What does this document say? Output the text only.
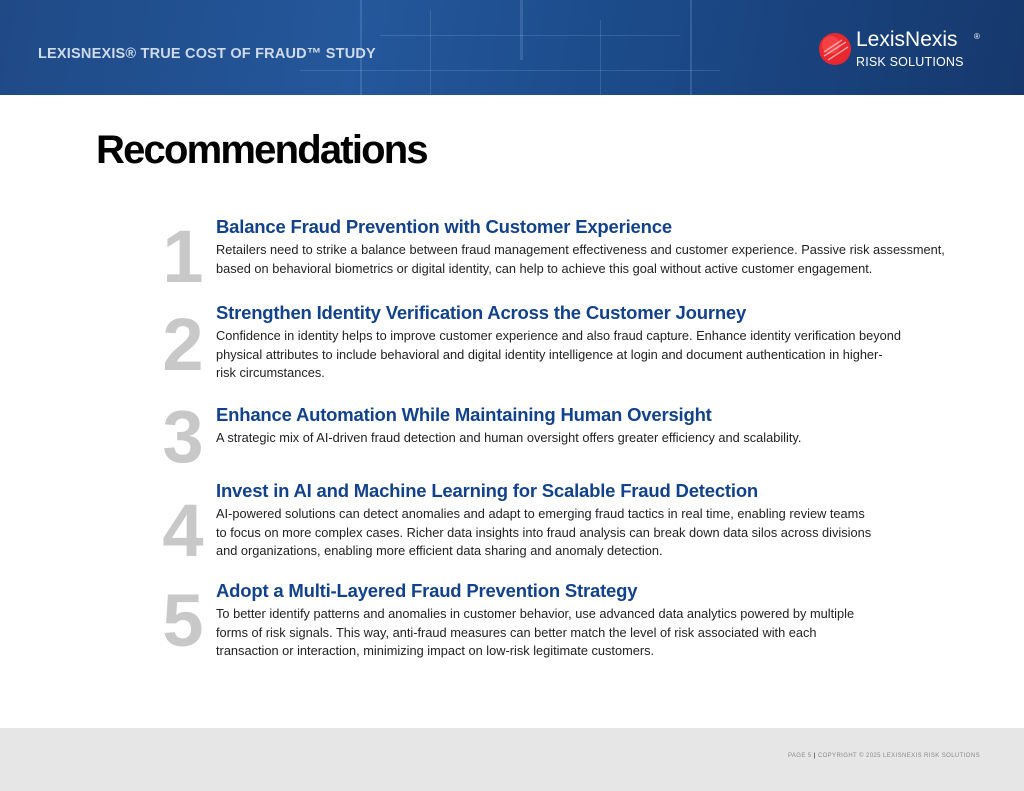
LEXISNEXIS® TRUE COST OF FRAUD™ STUDY
LexisNexis ®
RISK SOLUTIONS
Recommendations
1 Balance Fraud Prevention with Customer Experience

Retailers need to strike a balance between fraud management effectiveness and customer experience. Passive risk assessment,
based on behavioral biometrics or digital identity, can help to achieve this goal without active customer engagement.

2 Strengthen Identity Verification Across the Customer Journey

Confidence in identity helps to improve customer experience and also fraud capture. Enhance identity verification beyond
physical attributes to include behavioral and digital identity intelligence at login and document authentication in higher-
risk circumstances.

3 Enhance Automation While Maintaining Human Oversight

A strategic mix of AI-driven fraud detection and human oversight offers greater efficiency and scalability.

4 Invest in AI and Machine Learning for Scalable Fraud Detection

AI-powered solutions can detect anomalies and adapt to emerging fraud tactics in real time, enabling review teams
to focus on more complex cases. Richer data insights into fraud analysis can break down data silos across divisions
and organizations, enabling more efficient data sharing and anomaly detection.

5 Adopt a Multi-Layered Fraud Prevention Strategy

To better identify patterns and anomalies in customer behavior, use advanced data analytics powered by multiple
forms of risk signals. This way, anti-fraud measures can better match the level of risk associated with each
transaction or interaction, minimizing impact on low-risk legitimate customers.

PAGE 5 | COPYRIGHT © 2025 LEXISNEXIS RISK SOLUTIONS
